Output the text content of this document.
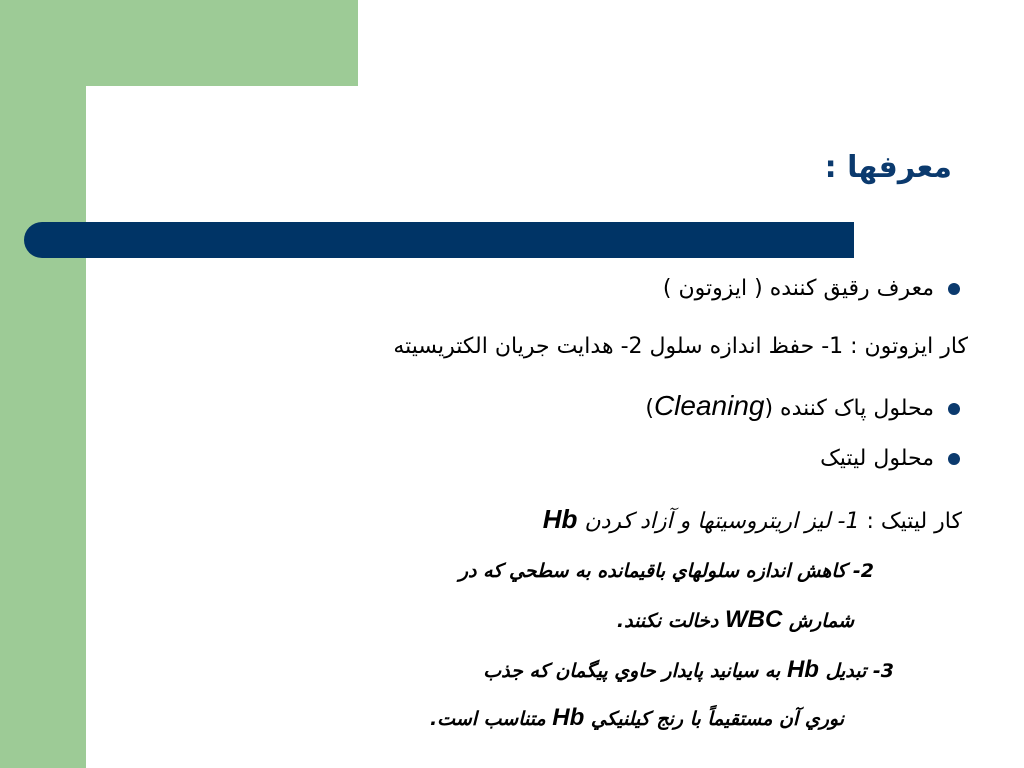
معرفها :
معرف رقيق كننده ( ايزوتون )
كار ايزوتون : 1- حفظ اندازه سلول 2- هدايت جريان الكتريسيته
محلول پاک کننده (Cleaning)
محلول ليتيک
کار ليتيک : 1- ليز اريتروسيتها و آزاد کردن Hb
2- كاهش اندازه سلولهاي باقيمانده به سطحي كه در
شمارش WBC دخالت نكنند.
3- تبديل Hb به سيانيد پايدار حاوي پيگمان كه جذب
نوري آن مستقيماً با رنج كيلنيكي Hb متناسب است.
